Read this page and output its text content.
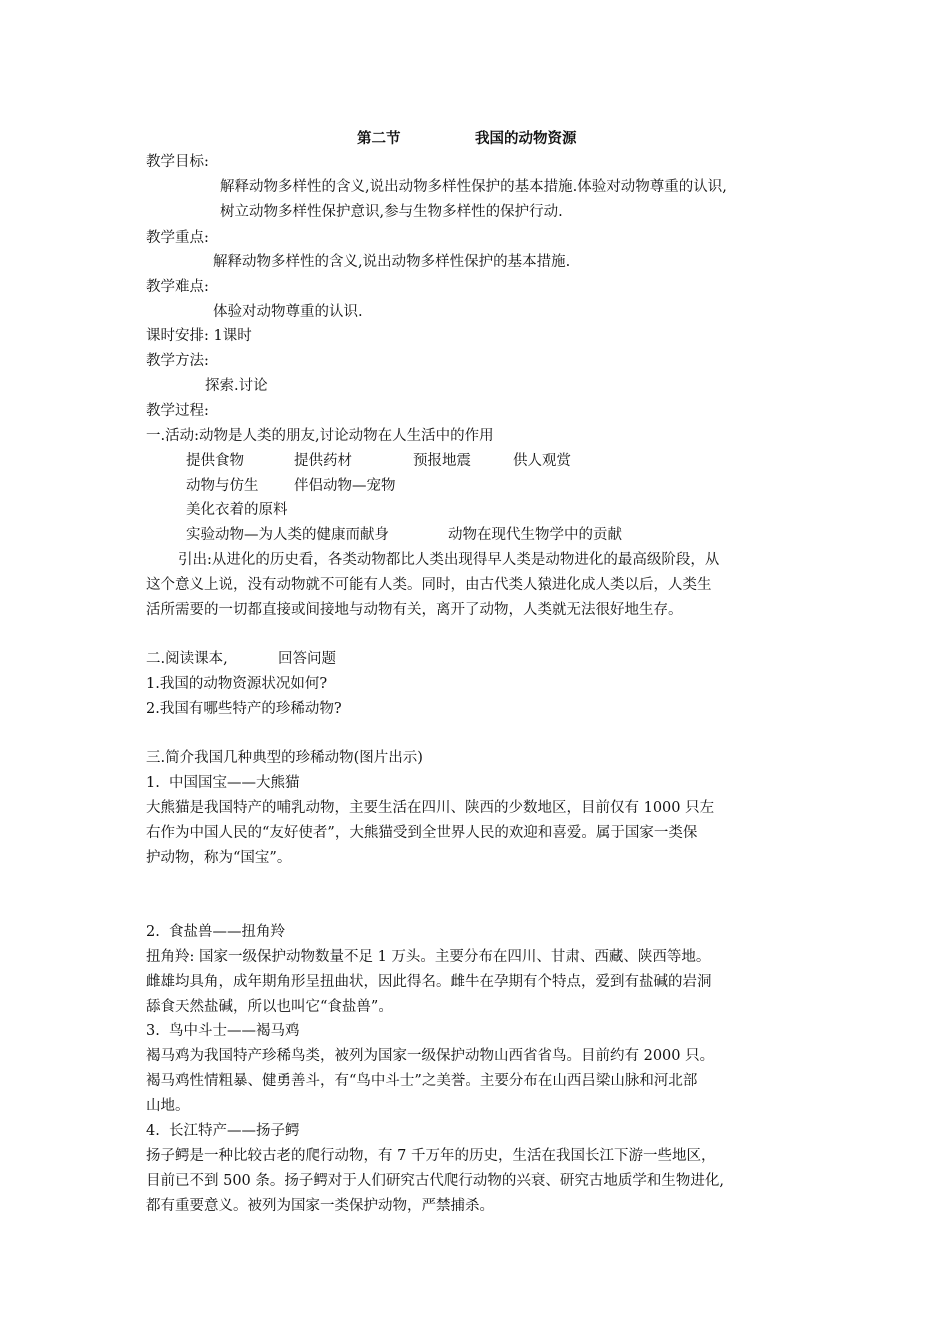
第二节	我国的动物资源
教学目标:
解释动物多样性的含义,说出动物多样性保护的基本措施.体验对动物尊重的认识,
树立动物多样性保护意识,参与生物多样性的保护行动.
教学重点:
解释动物多样性的含义,说出动物多样性保护的基本措施.
教学难点:
体验对动物尊重的认识.
课时安排: 1课时
教学方法:
探索.讨论
教学过程:
一.活动:动物是人类的朋友,讨论动物在人生活中的作用
提供食物	提供药材	预报地震	供人观赏
动物与仿生 伴侣动物—宠物
美化衣着的原料
实验动物—为人类的健康而献身	动物在现代生物学中的贡献
引出:从进化的历史看，各类动物都比人类出现得早人类是动物进化的最高级阶段，从
这个意义上说，没有动物就不可能有人类。同时，由古代类人猿进化成人类以后，人类生
活所需要的一切都直接或间接地与动物有关，离开了动物，人类就无法很好地生存。
二.阅读课本,	回答问题
1.我国的动物资源状况如何?
2.我国有哪些特产的珍稀动物?
三.简介我国几种典型的珍稀动物(图片出示)
1.  中国国宝——大熊猫
大熊猫是我国特产的哺乳动物，主要生活在四川、陕西的少数地区，目前仅有 1000 只左
右作为中国人民的“友好使者”，大熊猫受到全世界人民的欢迎和喜爱。属于国家一类保
护动物，称为“国宝”。
2.  食盐兽——扭角羚
扭角羚: 国家一级保护动物数量不足 1 万头。主要分布在四川、甘肃、西藏、陕西等地。
雌雄均具角，成年期角形呈扭曲状，因此得名。雌牛在孕期有个特点，爱到有盐碱的岩洞
舔食天然盐碱，所以也叫它“食盐兽”。
3.  鸟中斗士——褐马鸡
褐马鸡为我国特产珍稀鸟类，被列为国家一级保护动物山西省省鸟。目前约有 2000 只。
褐马鸡性情粗暴、健勇善斗，有“鸟中斗士”之美誉。主要分布在山西吕梁山脉和河北部
山地。
4.  长江特产——扬子鳄
扬子鳄是一种比较古老的爬行动物，有 7 千万年的历史，生活在我国长江下游一些地区，
目前已不到 500 条。扬子鳄对于人们研究古代爬行动物的兴衰、研究古地质学和生物进化,
都有重要意义。被列为国家一类保护动物，严禁捕杀。
